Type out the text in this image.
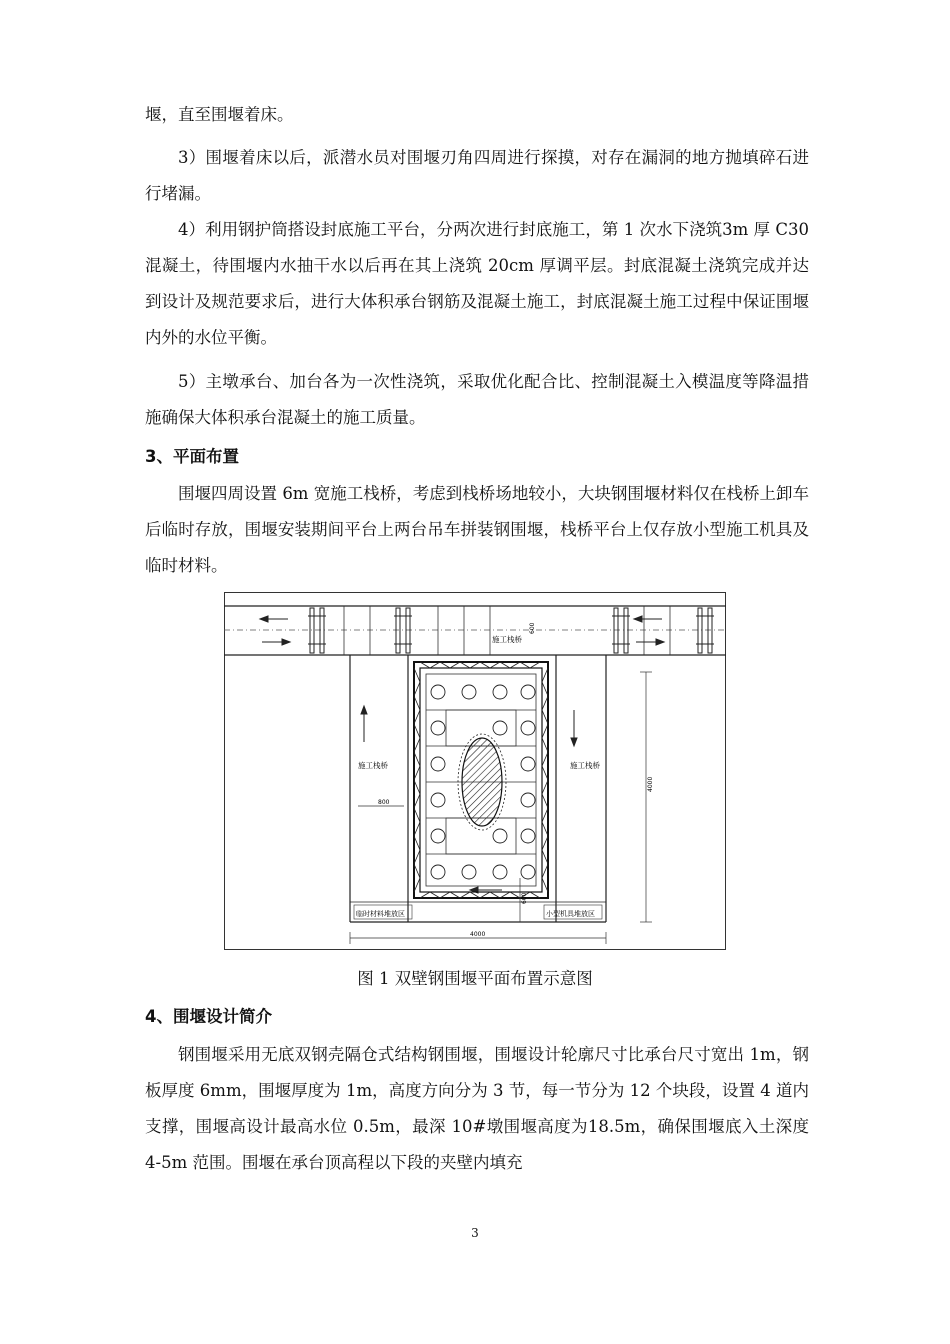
堰，直至围堰着床。

3）围堰着床以后，派潜水员对围堰刃角四周进行探摸，对存在漏洞的地方抛填碎石进行堵漏。

4）利用钢护筒搭设封底施工平台，分两次进行封底施工，第 1 次水下浇筑3m 厚 C30 混凝土，待围堰内水抽干水以后再在其上浇筑 20cm 厚调平层。封底混凝土浇筑完成并达到设计及规范要求后，进行大体积承台钢筋及混凝土施工，封底混凝土施工过程中保证围堰内外的水位平衡。

5）主墩承台、加台各为一次性浇筑，采取优化配合比、控制混凝土入模温度等降温措施确保大体积承台混凝土的施工质量。

3、平面布置

围堰四周设置 6m 宽施工栈桥，考虑到栈桥场地较小，大块钢围堰材料仅在栈桥上卸车后临时存放，围堰安装期间平台上两台吊车拼装钢围堰，栈桥平台上仅存放小型施工机具及临时材料。

施工栈桥
600
施工栈桥	施工栈桥
800
临时材料堆放区	小型机具堆放区
600
4000
4000
图 1 双壁钢围堰平面布置示意图

4、围堰设计简介

钢围堰采用无底双钢壳隔仓式结构钢围堰，围堰设计轮廓尺寸比承台尺寸宽出 1m，钢板厚度 6mm，围堰厚度为 1m，高度方向分为 3 节，每一节分为 12 个块段，设置 4 道内支撑，围堰高设计最高水位 0.5m，最深 10#墩围堰高度为18.5m，确保围堰底入土深度 4-5m 范围。围堰在承台顶高程以下段的夹壁内填充

3
